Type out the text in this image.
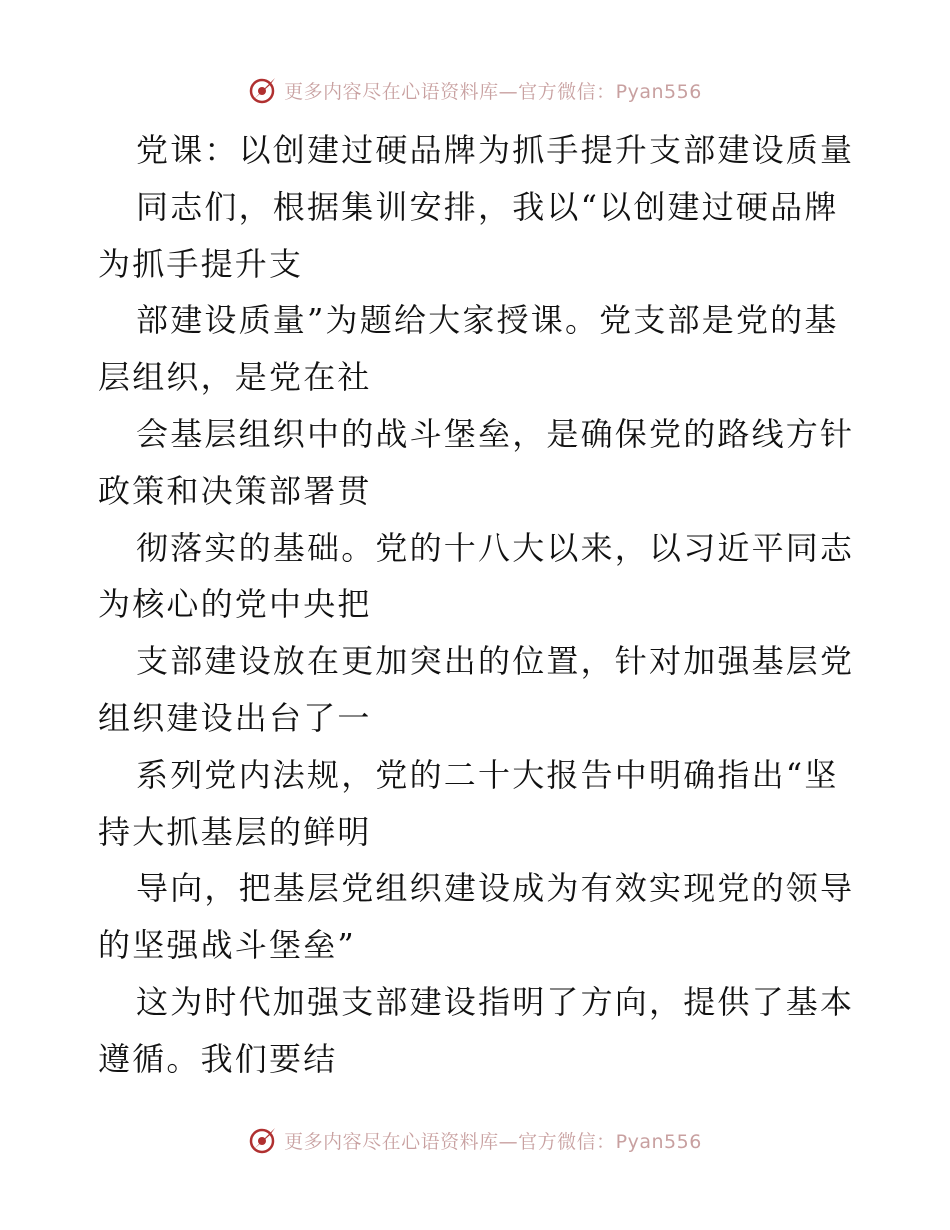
更多内容尽在心语资料库—官方微信：Pyan556
党课：以创建过硬品牌为抓手提升支部建设质量
同志们，根据集训安排，我以“以创建过硬品牌
为抓手提升支
部建设质量”为题给大家授课。党支部是党的基
层组织，是党在社
会基层组织中的战斗堡垒，是确保党的路线方针
政策和决策部署贯
彻落实的基础。党的十八大以来，以习近平同志
为核心的党中央把
支部建设放在更加突出的位置，针对加强基层党
组织建设出台了一
系列党内法规，党的二十大报告中明确指出“坚
持大抓基层的鲜明
导向，把基层党组织建设成为有效实现党的领导
的坚强战斗堡垒”
这为时代加强支部建设指明了方向，提供了基本
遵循。我们要结
更多内容尽在心语资料库—官方微信：Pyan556
